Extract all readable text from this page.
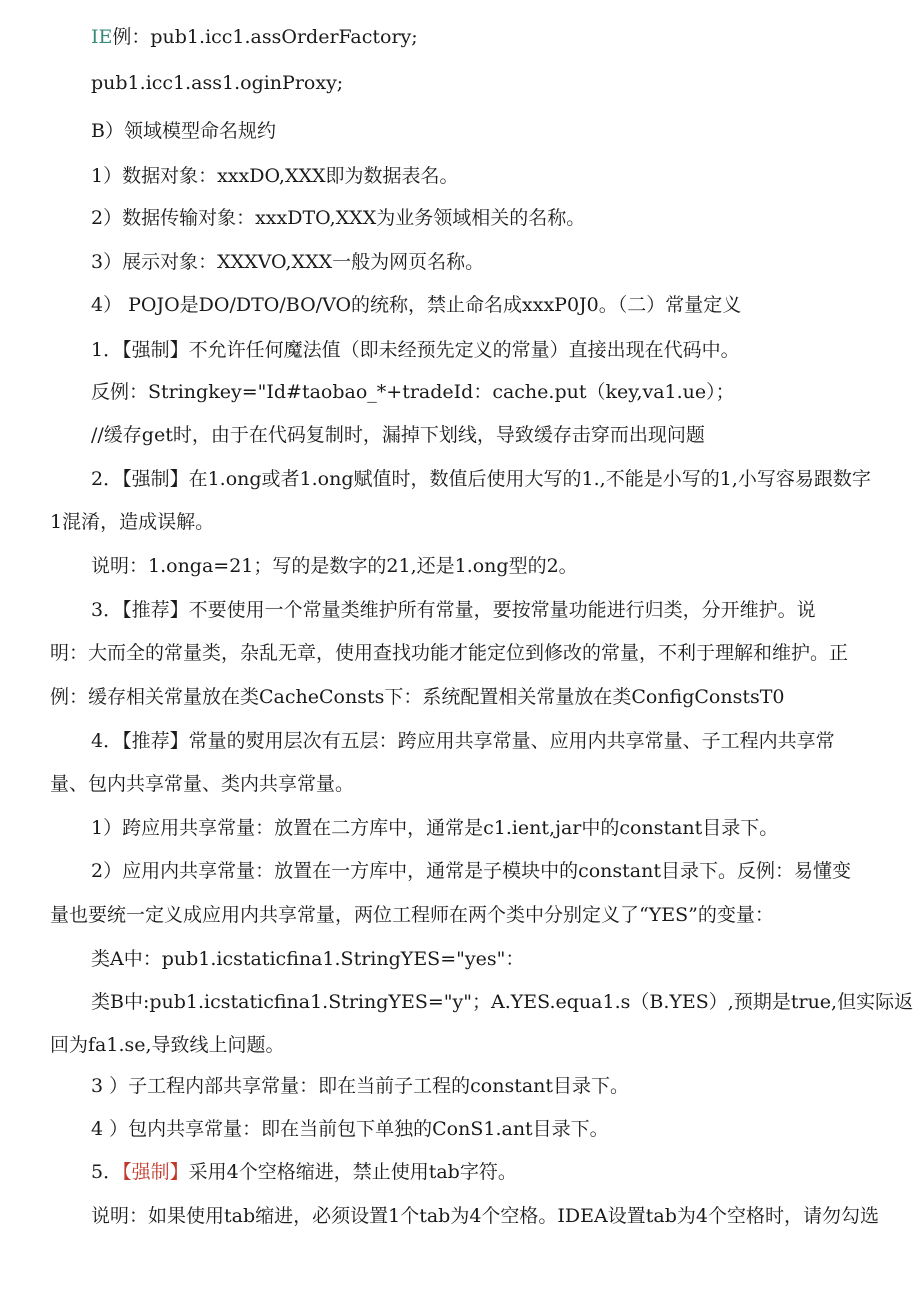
IE例：pub1.icc1.assOrderFactory;
pub1.icc1.ass1.oginProxy;
B）领域模型命名规约
1）数据对象：xxxDO,XXX即为数据表名。
2）数据传输对象：xxxDTO,XXX为业务领域相关的名称。
3）展示对象：XXXVO,XXX一般为网页名称。
4） POJO是DO/DTO/BO/VO的统称，禁止命名成xxxP0J0。（二）常量定义
1．【强制】不允许任何魔法值（即未经预先定义的常量）直接出现在代码中。
反例：Stringkey="Id#taobao_*+tradeId：cache.put（key,va1.ue）；
//缓存get时，由于在代码复制时，漏掉下划线，导致缓存击穿而出现问题
2．【强制】在1.ong或者1.ong赋值时，数值后使用大写的1.,不能是小写的1,小写容易跟数字
1混淆，造成误解。
说明：1.onga=21；写的是数字的21,还是1.ong型的2。
3．【推荐】不要使用一个常量类维护所有常量，要按常量功能进行归类，分开维护。说
明：大而全的常量类，杂乱无章，使用查找功能才能定位到修改的常量，不利于理解和维护。正
例：缓存相关常量放在类CacheConsts下：系统配置相关常量放在类ConfigConstsT0
4．【推荐】常量的熨用层次有五层：跨应用共享常量、应用内共享常量、子工程内共享常
量、包内共享常量、类内共享常量。
1）跨应用共享常量：放置在二方库中，通常是c1.ient,jar中的constant目录下。
2）应用内共享常量：放置在一方库中，通常是子模块中的constant目录下。反例：易懂变
量也要统一定义成应用内共享常量，两位工程师在两个类中分别定义了“YES”的变量：
类A中：pub1.icstaticfina1.StringYES="yes"：
类B中:pub1.icstaticfina1.StringYES="y"；A.YES.equa1.s（B.YES）,预期是true,但实际返
回为fa1.se,导致线上问题。
3 ）子工程内部共享常量：即在当前子工程的constant目录下。
4 ）包内共享常量：即在当前包下单独的ConS1.ant目录下。
5．【强制】采用4个空格缩进，禁止使用tab字符。
说明：如果使用tab缩进，必须设置1个tab为4个空格。IDEA设置tab为4个空格时，请勿勾选
